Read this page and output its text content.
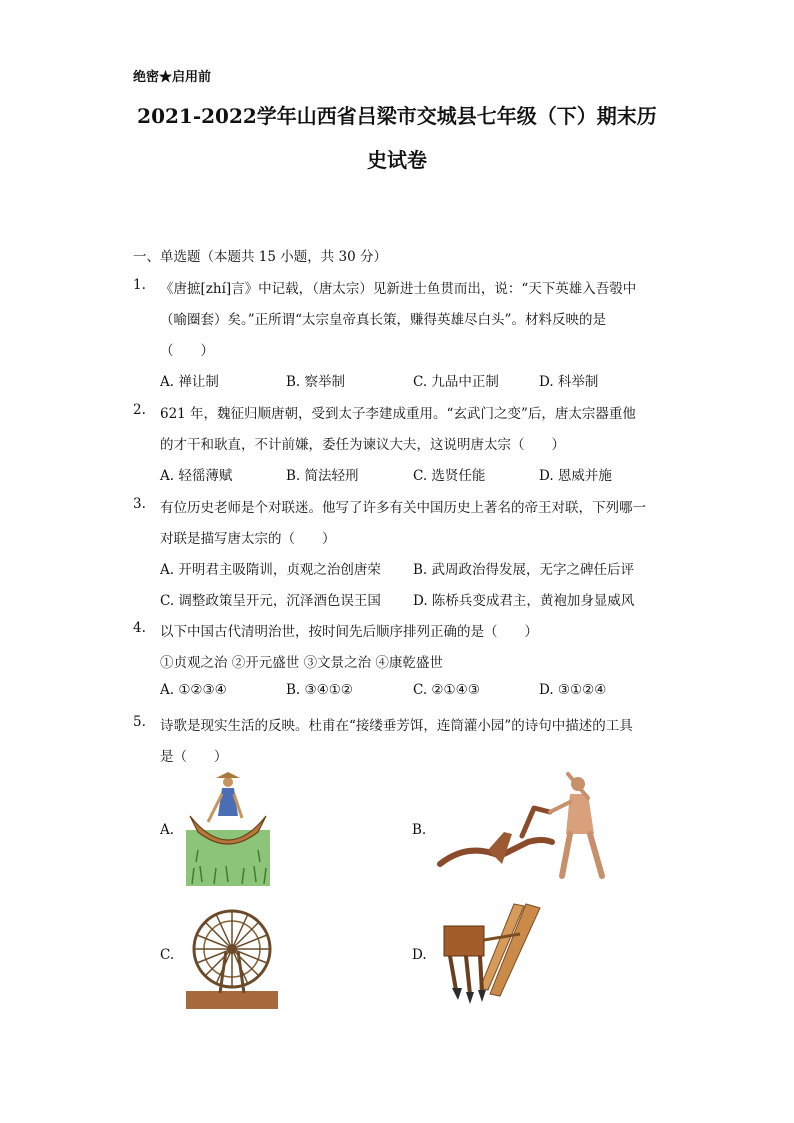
绝密★启用前
2021-2022学年山西省吕梁市交城县七年级（下）期末历
史试卷
一、单选题（本题共 15 小题，共 30 分）
1. 《唐摭[zhí]言》中记载，（唐太宗）见新进士鱼贯而出，说：“天下英雄入吾彀中
（喻圈套）矣。”正所谓“太宗皇帝真长策，赚得英雄尽白头”。材料反映的是
（　　）
A. 禅让制	B. 察举制	C. 九品中正制	D. 科举制
2. 621 年，魏征归顺唐朝，受到太子李建成重用。“玄武门之变”后，唐太宗器重他
的才干和耿直，不计前嫌，委任为谏议大夫，这说明唐太宗（　　）
A. 轻徭薄赋	B. 简法轻刑	C. 选贤任能	D. 恩威并施
3. 有位历史老师是个对联迷。他写了许多有关中国历史上著名的帝王对联，下列哪一
对联是描写唐太宗的（　　）
A. 开明君主吸隋训，贞观之治创唐荣 B. 武周政治得发展，无字之碑任后评
C. 调整政策呈开元，沉泽酒色误王国 D. 陈桥兵变成君主，黄袍加身显威风
4. 以下中国古代清明治世，按时间先后顺序排列正确的是（　　）
①贞观之治 ②开元盛世 ③文景之治 ④康乾盛世
A. ①②③④	B. ③④①②	C. ②①④③	D. ③①②④
5. 诗歌是现实生活的反映。杜甫在“接缕垂芳饵，连筒灌小园”的诗句中描述的工具
是（　　）
A.	B.
C.	D.
